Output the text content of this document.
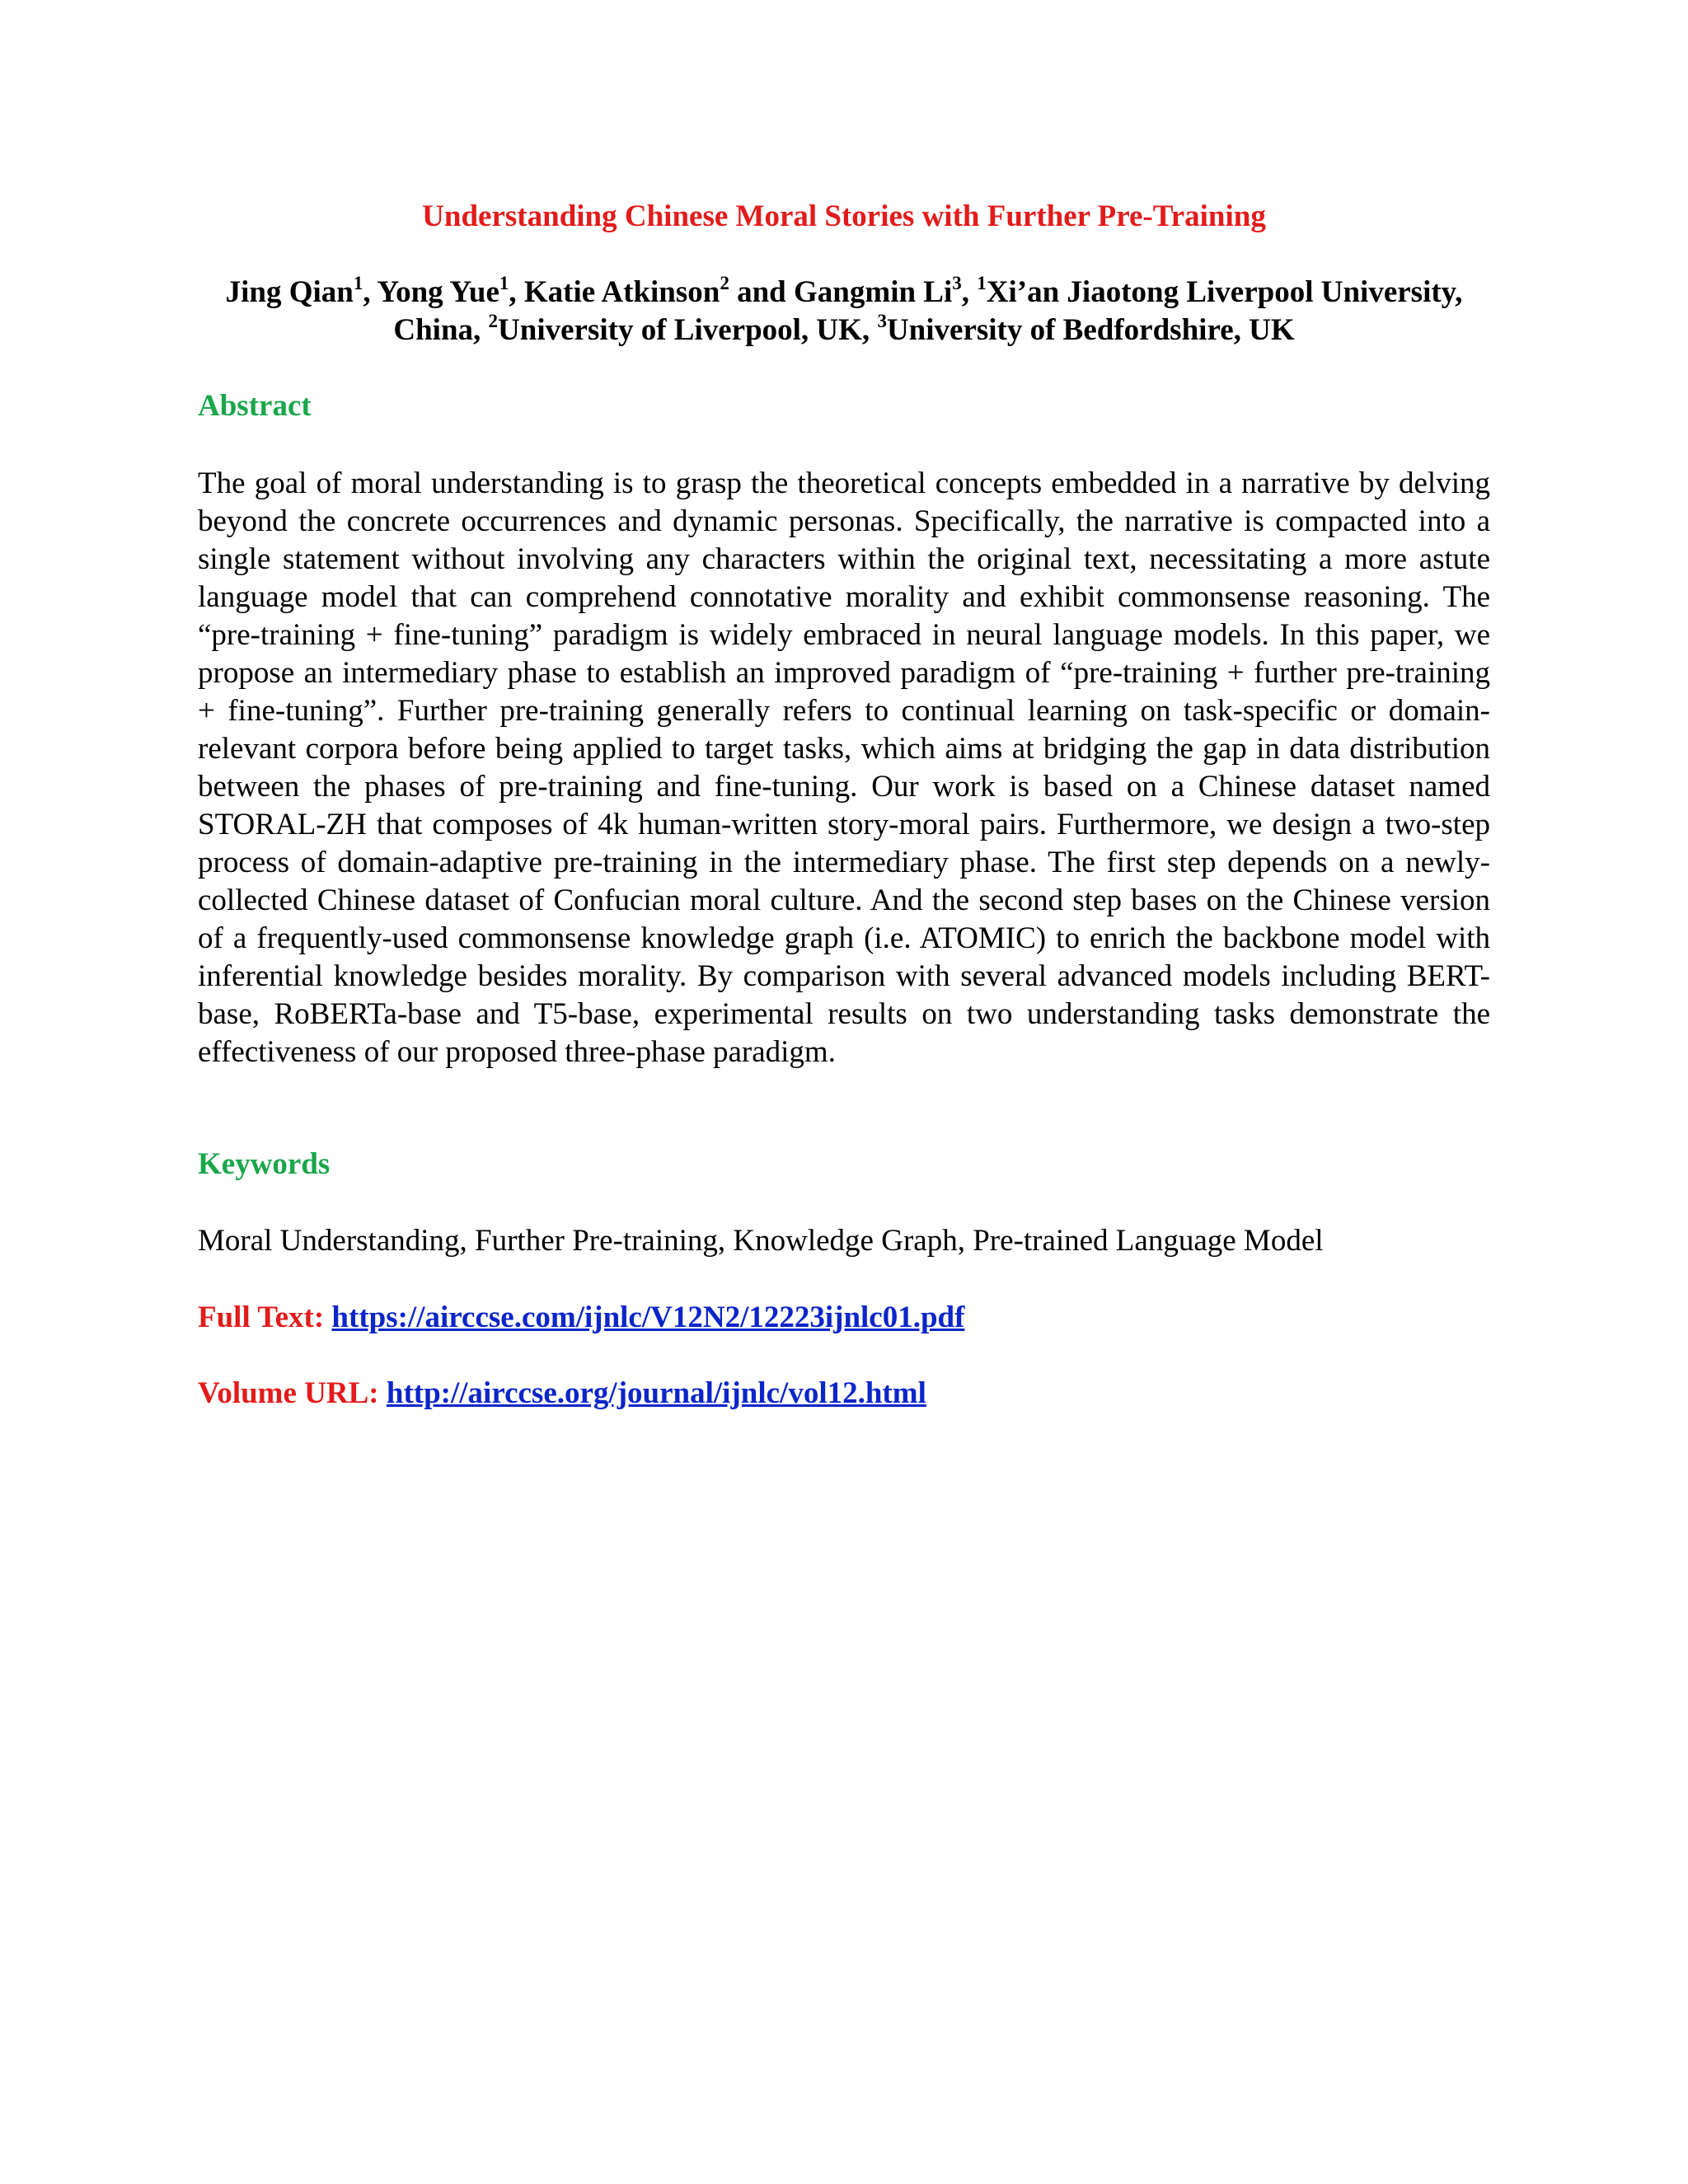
Understanding Chinese Moral Stories with Further Pre-Training

Jing Qian$^1$, Yong Yue$^1$, Katie Atkinson$^2$ and Gangmin Li$^3$, $^1$Xi’an Jiaotong Liverpool University, China, $^2$University of Liverpool, UK, $^3$University of Bedfordshire, UK

Abstract

The goal of moral understanding is to grasp the theoretical concepts embedded in a narrative by delving beyond the concrete occurrences and dynamic personas. Specifically, the narrative is compacted into a single statement without involving any characters within the original text, necessitating a more astute language model that can comprehend connotative morality and exhibit commonsense reasoning. The “pre-training + fine-tuning” paradigm is widely embraced in neural language models. In this paper, we propose an intermediary phase to establish an improved paradigm of “pre-training + further pre-training + fine-tuning”. Further pre-training generally refers to continual learning on task-specific or domain-relevant corpora before being applied to target tasks, which aims at bridging the gap in data distribution between the phases of pre-training and fine-tuning. Our work is based on a Chinese dataset named STORAL-ZH that composes of 4k human-written story-moral pairs. Furthermore, we design a two-step process of domain-adaptive pre-training in the intermediary phase. The first step depends on a newly-collected Chinese dataset of Confucian moral culture. And the second step bases on the Chinese version of a frequently-used commonsense knowledge graph (i.e. ATOMIC) to enrich the backbone model with inferential knowledge besides morality. By comparison with several advanced models including BERT-base, RoBERTa-base and T5-base, experimental results on two understanding tasks demonstrate the effectiveness of our proposed three-phase paradigm.

Keywords

Moral Understanding, Further Pre-training, Knowledge Graph, Pre-trained Language Model

Full Text: https://airccse.com/ijnlc/V12N2/12223ijnlc01.pdf

Volume URL: http://airccse.org/journal/ijnlc/vol12.html
